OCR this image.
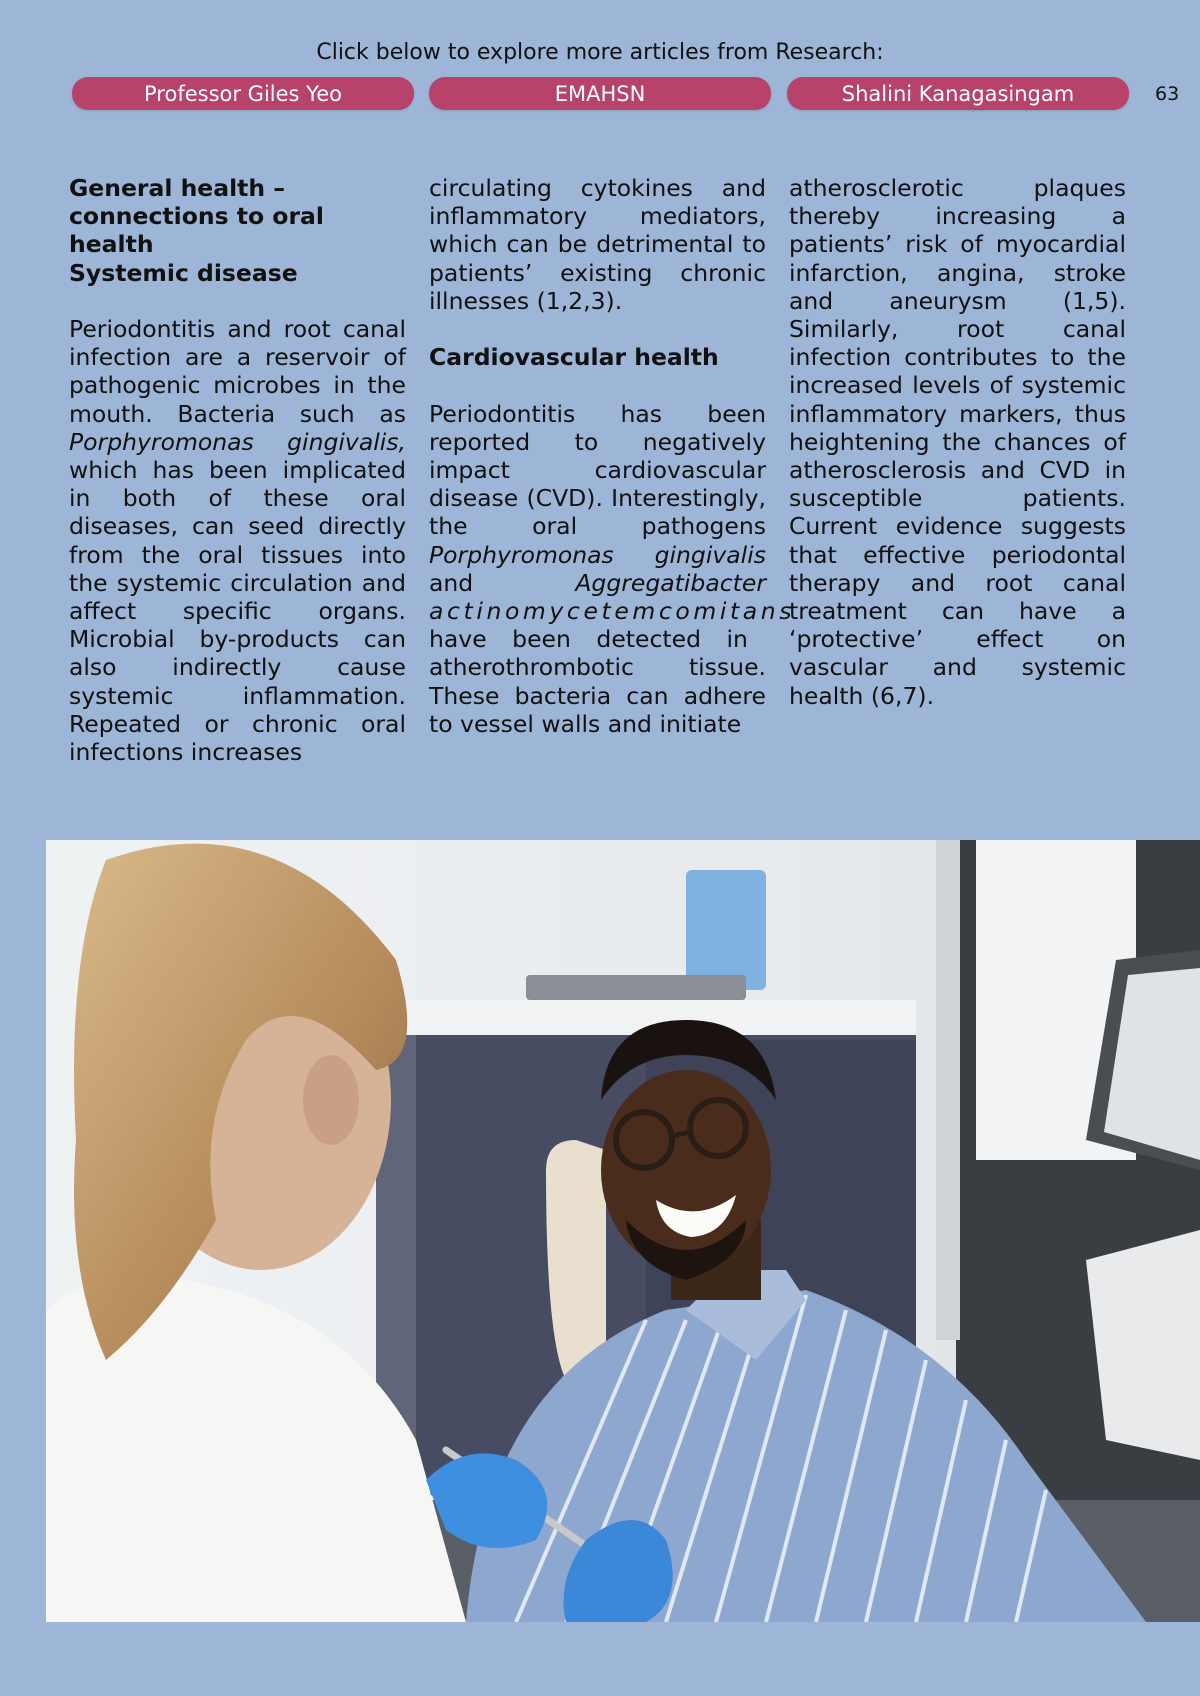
Click below to explore more articles from Research:
Professor Giles Yeo	EMAHSN	Shalini Kanagasingam	63
General health –
connections to oral health
Systemic disease

Periodontitis and root canal infection are a reservoir of pathogenic microbes in the mouth. Bacteria such as Porphyromonas gingivalis, which has been implicated in both of these oral diseases, can seed directly from the oral tissues into the systemic circulation and affect specific organs. Microbial by-products can also indirectly cause systemic inflammation. Repeated or chronic oral infections increases

circulating cytokines and inflammatory mediators, which can be detrimental to patients’ existing chronic illnesses (1,2,3).

Cardiovascular health

Periodontitis has been reported to negatively impact cardiovascular disease (CVD). Interestingly, the oral pathogens Porphyromonas gingivalis and Aggregatibacter actinomycetemcomitans have been detected in atherothrombotic tissue. These bacteria can adhere to vessel walls and initiate

atherosclerotic plaques thereby increasing a patients’ risk of myocardial infarction, angina, stroke and aneurysm (1,5). Similarly, root canal infection contributes to the increased levels of systemic inflammatory markers, thus heightening the chances of atherosclerosis and CVD in susceptible patients. Current evidence suggests that effective periodontal therapy and root canal treatment can have a ‘protective’ effect on vascular and systemic health (6,7).
